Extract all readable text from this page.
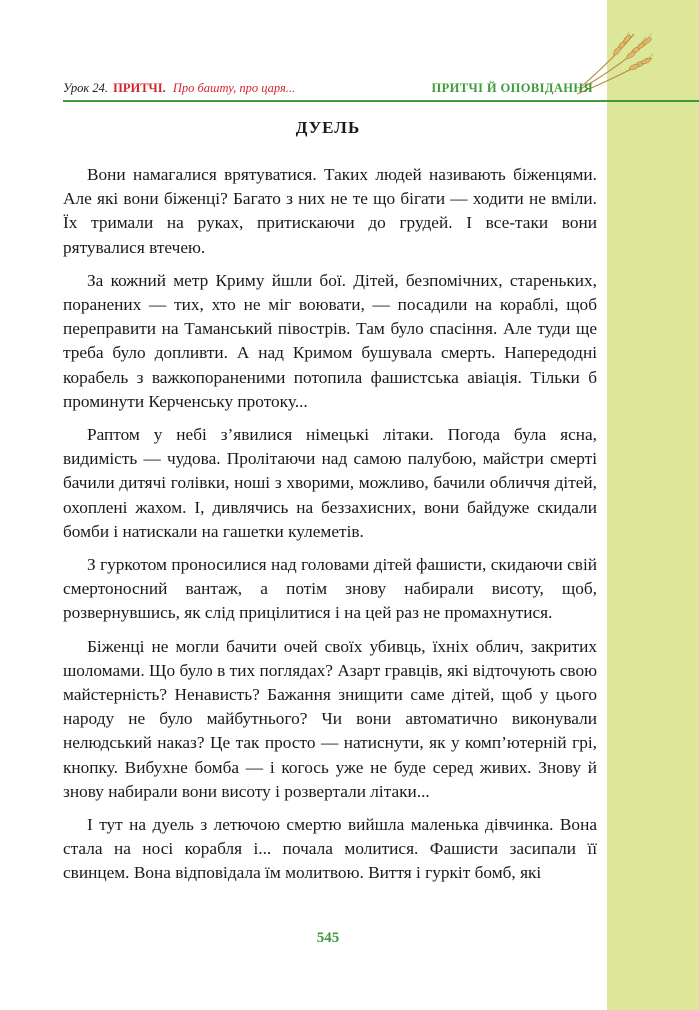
Урок 24. ПРИТЧІ. Про башту, про царя...	ПРИТЧІ Й ОПОВІДАННЯ
ДУЕЛЬ

Вони намагалися врятуватися. Таких людей називають біженцями. Але які вони біженці? Багато з них не те що бігати — ходити не вміли. Їх тримали на руках, притискаючи до грудей. І все-таки вони рятувалися втечею.

За кожний метр Криму йшли бої. Дітей, безпомічних, стареньких, поранених — тих, хто не міг воювати, — посадили на кораблі, щоб переправити на Таманський півострів. Там було спасіння. Але туди ще треба було допливти. А над Кримом бушувала смерть. Напередодні корабель з важкопораненими потопила фашистська авіація. Тільки б проминути Керченську протоку...

Раптом у небі з’явилися німецькі літаки. Погода була ясна, видимість — чудова. Пролітаючи над самою палубою, майстри смерті бачили дитячі голівки, ноші з хворими, можливо, бачили обличчя дітей, охоплені жахом. І, дивлячись на беззахисних, вони байдуже скидали бомби і натискали на гашетки кулеметів.

З гуркотом проносилися над головами дітей фашисти, скидаючи свій смертоносний вантаж, а потім знову набирали висоту, щоб, розвернувшись, як слід прицілитися і на цей раз не промахнутися.

Біженці не могли бачити очей своїх убивць, їхніх облич, закритих шоломами. Що було в тих поглядах? Азарт гравців, які відточують свою майстерність? Ненависть? Бажання знищити саме дітей, щоб у цього народу не було майбутнього? Чи вони автоматично виконували нелюдський наказ? Це так просто — натиснути, як у комп’ютерній грі, кнопку. Вибухне бомба — і когось уже не буде серед живих. Знову й знову набирали вони висоту і розвертали літаки...

І тут на дуель з летючою смертю вийшла маленька дівчинка. Вона стала на носі корабля і... почала молитися. Фашисти засипали її свинцем. Вона відповідала їм молитвою. Виття і гуркіт бомб, які

545
